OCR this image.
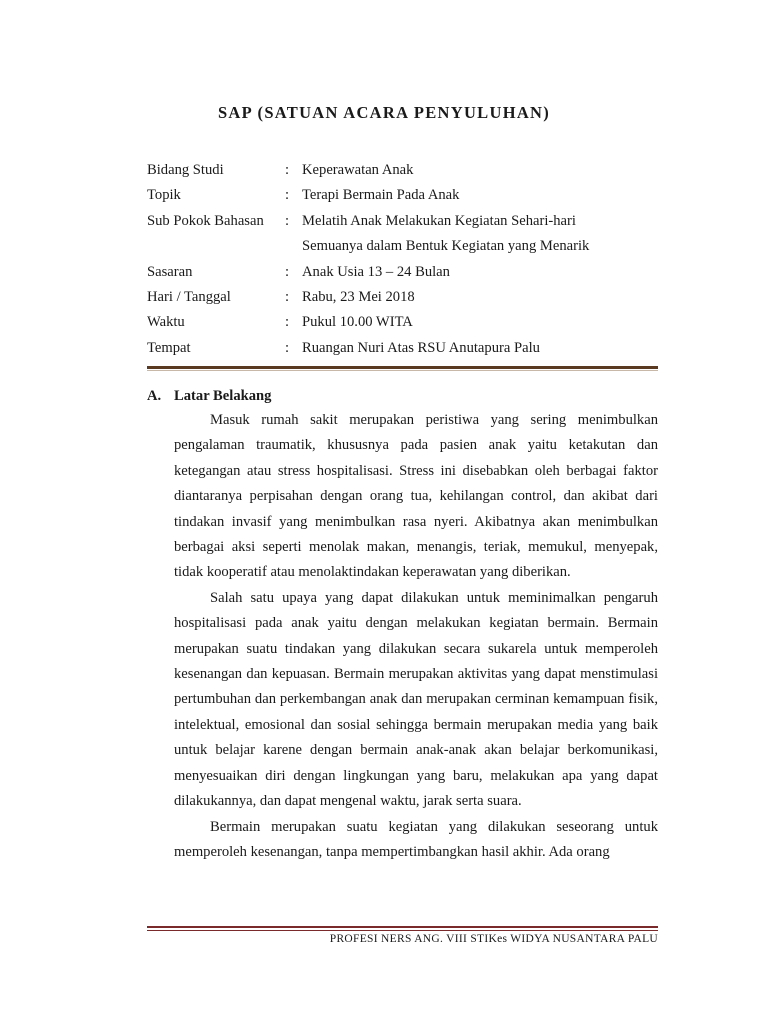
SAP (SATUAN ACARA PENYULUHAN)
Bidang Studi	: Keperawatan Anak
Topik	: Terapi Bermain Pada Anak
Sub Pokok Bahasan : Melatih Anak Melakukan Kegiatan Sehari-hari
Semuanya dalam Bentuk Kegiatan yang Menarik
Sasaran	: Anak Usia 13 – 24 Bulan
Hari / Tanggal	: Rabu, 23 Mei 2018
Waktu	: Pukul 10.00 WITA
Tempat	: Ruangan Nuri Atas RSU Anutapura Palu
A. Latar Belakang

Masuk rumah sakit merupakan peristiwa yang sering menimbulkan pengalaman traumatik, khususnya pada pasien anak yaitu ketakutan dan ketegangan atau stress hospitalisasi. Stress ini disebabkan oleh berbagai faktor diantaranya perpisahan dengan orang tua, kehilangan control, dan akibat dari tindakan invasif yang menimbulkan rasa nyeri. Akibatnya akan menimbulkan berbagai aksi seperti menolak makan, menangis, teriak, memukul, menyepak, tidak kooperatif atau menolaktindakan keperawatan yang diberikan.

Salah satu upaya yang dapat dilakukan untuk meminimalkan pengaruh hospitalisasi pada anak yaitu dengan melakukan kegiatan bermain. Bermain merupakan suatu tindakan yang dilakukan secara sukarela untuk memperoleh kesenangan dan kepuasan. Bermain merupakan aktivitas yang dapat menstimulasi pertumbuhan dan perkembangan anak dan merupakan cerminan kemampuan fisik, intelektual, emosional dan sosial sehingga bermain merupakan media yang baik untuk belajar karene dengan bermain anak-anak akan belajar berkomunikasi, menyesuaikan diri dengan lingkungan yang baru, melakukan apa yang dapat dilakukannya, dan dapat mengenal waktu, jarak serta suara.

Bermain merupakan suatu kegiatan yang dilakukan seseorang untuk memperoleh kesenangan, tanpa mempertimbangkan hasil akhir. Ada orang

PROFESI NERS ANG. VIII STIKes WIDYA NUSANTARA PALU
